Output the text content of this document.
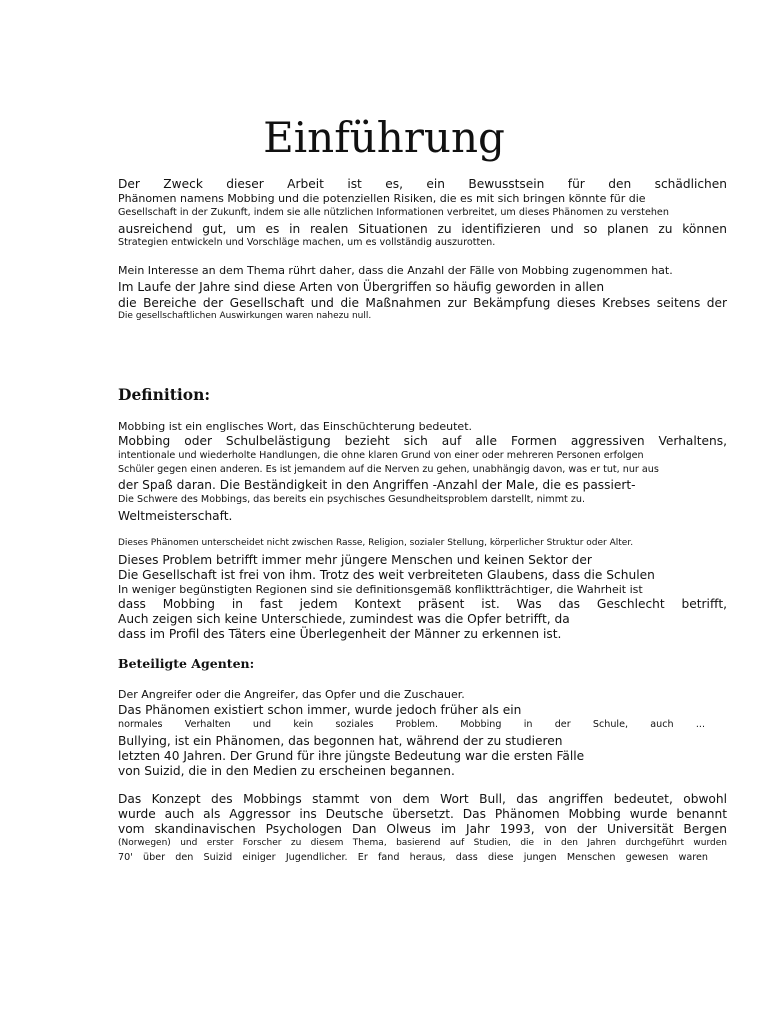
Einführung

Der Zweck dieser Arbeit ist es, ein Bewusstsein für den schädlichen

Phänomen namens Mobbing und die potenziellen Risiken, die es mit sich bringen könnte für die

Gesellschaft in der Zukunft, indem sie alle nützlichen Informationen verbreitet, um dieses Phänomen zu verstehen

ausreichend gut, um es in realen Situationen zu identifizieren und so planen zu können

Strategien entwickeln und Vorschläge machen, um es vollständig auszurotten.

Mein Interesse an dem Thema rührt daher, dass die Anzahl der Fälle von Mobbing zugenommen hat.

Im Laufe der Jahre sind diese Arten von Übergriffen so häufig geworden in allen

die Bereiche der Gesellschaft und die Maßnahmen zur Bekämpfung dieses Krebses seitens der

Die gesellschaftlichen Auswirkungen waren nahezu null.

Definition:

Mobbing ist ein englisches Wort, das Einschüchterung bedeutet.

Mobbing oder Schulbelästigung bezieht sich auf alle Formen aggressiven Verhaltens,

intentionale und wiederholte Handlungen, die ohne klaren Grund von einer oder mehreren Personen erfolgen

Schüler gegen einen anderen. Es ist jemandem auf die Nerven zu gehen, unabhängig davon, was er tut, nur aus

der Spaß daran. Die Beständigkeit in den Angriffen -Anzahl der Male, die es passiert-

Die Schwere des Mobbings, das bereits ein psychisches Gesundheitsproblem darstellt, nimmt zu.

Weltmeisterschaft.

Dieses Phänomen unterscheidet nicht zwischen Rasse, Religion, sozialer Stellung, körperlicher Struktur oder Alter.

Dieses Problem betrifft immer mehr jüngere Menschen und keinen Sektor der

Die Gesellschaft ist frei von ihm. Trotz des weit verbreiteten Glaubens, dass die Schulen

In weniger begünstigten Regionen sind sie definitionsgemäß konfliktträchtiger, die Wahrheit ist

dass Mobbing in fast jedem Kontext präsent ist. Was das Geschlecht betrifft,

Auch zeigen sich keine Unterschiede, zumindest was die Opfer betrifft, da

dass im Profil des Täters eine Überlegenheit der Männer zu erkennen ist.

Beteiligte Agenten:

Der Angreifer oder die Angreifer, das Opfer und die Zuschauer.

Das Phänomen existiert schon immer, wurde jedoch früher als ein

normales Verhalten und kein soziales Problem. Mobbing in der Schule, auch ...

Bullying, ist ein Phänomen, das begonnen hat, während der zu studieren

letzten 40 Jahren. Der Grund für ihre jüngste Bedeutung war die ersten Fälle

von Suizid, die in den Medien zu erscheinen begannen.

Das Konzept des Mobbings stammt von dem Wort Bull, das angriffen bedeutet, obwohl

wurde auch als Aggressor ins Deutsche übersetzt. Das Phänomen Mobbing wurde benannt

vom skandinavischen Psychologen Dan Olweus im Jahr 1993, von der Universität Bergen

(Norwegen) und erster Forscher zu diesem Thema, basierend auf Studien, die in den Jahren durchgeführt wurden

70' über den Suizid einiger Jugendlicher. Er fand heraus, dass diese jungen Menschen gewesen waren
